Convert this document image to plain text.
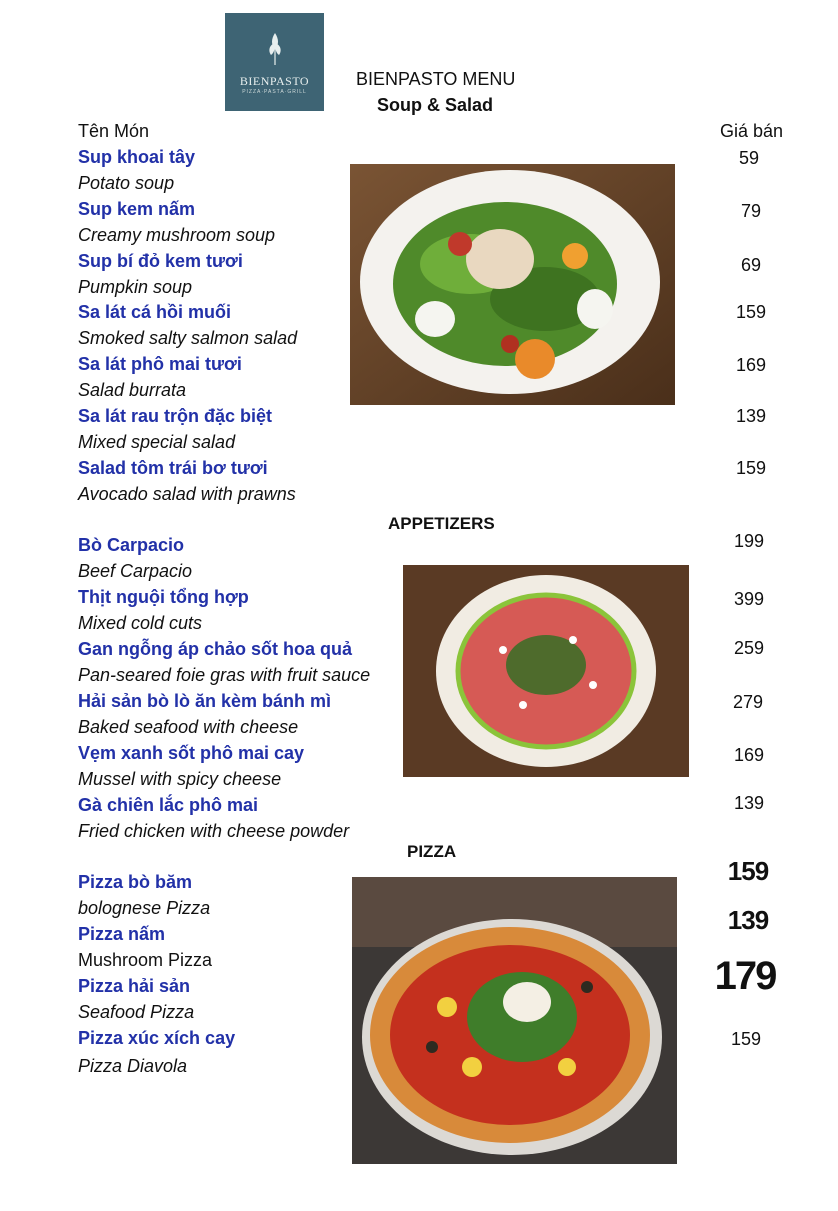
BIENPASTO
PIZZA·PASTA·GRILL
BIENPASTO MENU
Soup & Salad
Tên Món	Giá bán
Sup khoai tây
Potato soup
59
Sup kem nấm
Creamy mushroom soup
79
Sup bí đỏ kem tươi
Pumpkin soup
69
Sa lát cá hồi muối
Smoked salty salmon salad
159
Sa lát phô mai tươi
Salad burrata
169
Sa lát rau trộn đặc biệt
Mixed special salad
139
Salad tôm trái bơ tươi
Avocado salad with prawns
159
APPETIZERS
Bò Carpacio
Beef Carpacio
199
Thịt nguội tổng hợp
Mixed cold cuts
399
Gan ngỗng áp chảo sốt hoa quả
Pan-seared foie gras with fruit sauce
259
Hải sản bò lò ăn kèm bánh mì
Baked seafood with cheese
279
Vẹm xanh sốt phô mai cay
Mussel with spicy cheese
169
Gà chiên lắc phô mai
Fried chicken with cheese powder
139
PIZZA
Pizza bò băm
bolognese Pizza
159
Pizza nấm
Mushroom Pizza
139
Pizza hải sản
Seafood Pizza
179
Pizza xúc xích cay
Pizza Diavola
159
